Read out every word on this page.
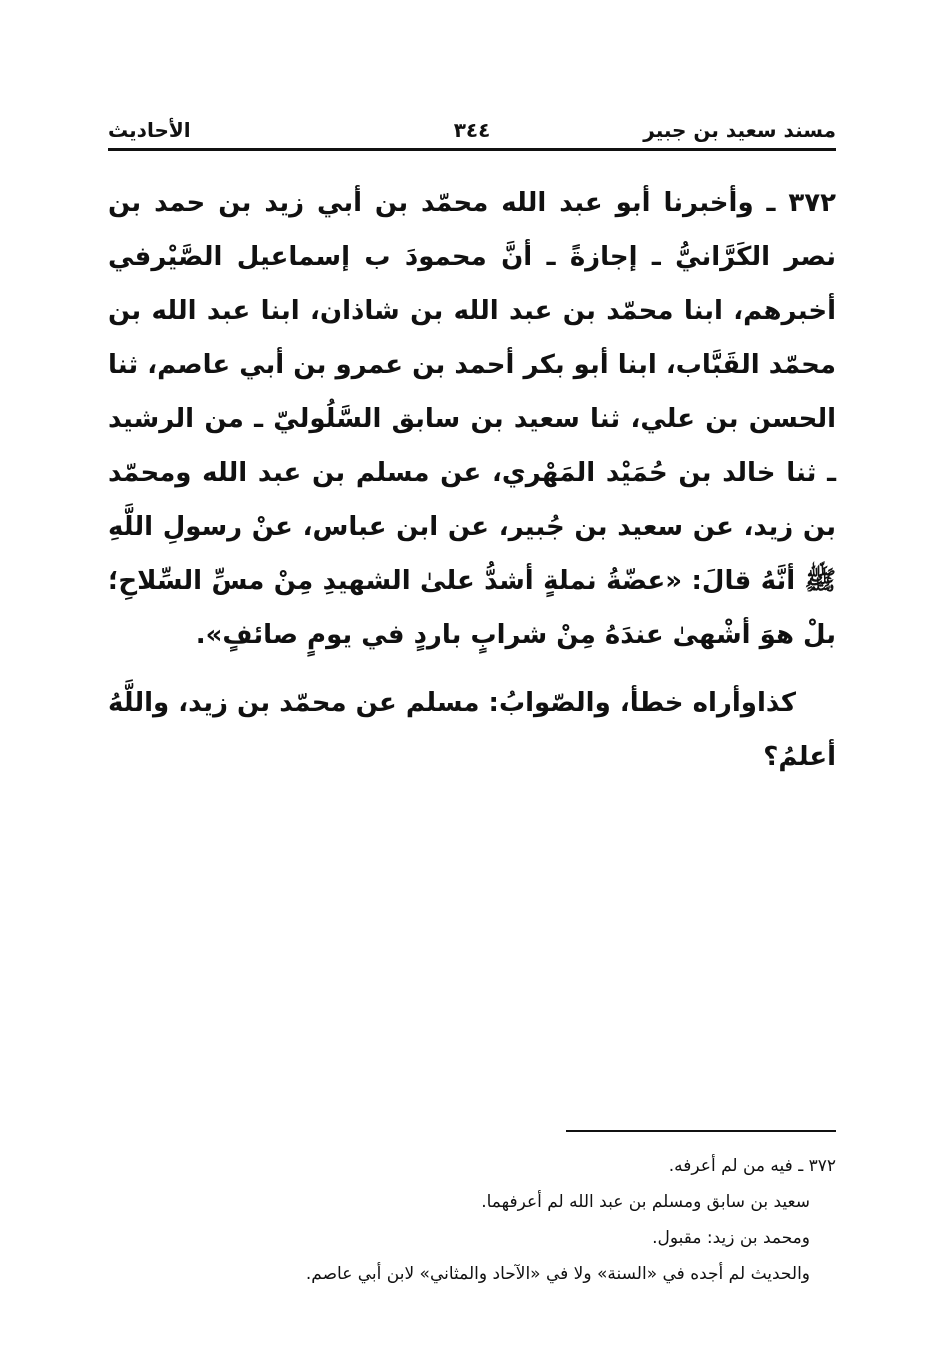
مسند سعيد بن جبير
٣٤٤
الأحاديث

٣٧٢ ـ وأخبرنا أبو عبد الله محمّد بن أبي زيد بن حمد بن نصر الكَرَّانيُّ ـ إجازةً ـ أنَّ محمودَ ب إسماعيل الصَّيْرفي أخبرهم، ابنا محمّد بن عبد الله بن شاذان، ابنا عبد الله بن محمّد القَبَّاب، ابنا أبو بكر أحمد بن عمرو بن أبي عاصم، ثنا الحسن بن علي، ثنا سعيد بن سابق السَّلُوليّ ـ من الرشيد ـ ثنا خالد بن حُمَيْد المَهْري، عن مسلم بن عبد الله ومحمّد بن زيد، عن سعيد بن جُبير، عن ابن عباس، عنْ رسولِ اللَّهِ ﷺ أنَّهُ قالَ: «عضّةُ نملةٍ أشدُّ علىٰ الشهيدِ مِنْ مسِّ السِّلاحِ؛ بلْ هوَ أشْهىٰ عندَهُ مِنْ شرابٍ باردٍ في يومٍ صائفٍ».

كذاوأراه خطأ، والصّوابُ: مسلم عن محمّد بن زيد، واللَّهُ أعلمُ؟

٣٧٢ ـ فيه من لم أعرفه.

سعيد بن سابق ومسلم بن عبد الله لم أعرفهما.

ومحمد بن زيد: مقبول.

والحديث لم أجده في «السنة» ولا في «الآحاد والمثاني» لابن أبي عاصم.
